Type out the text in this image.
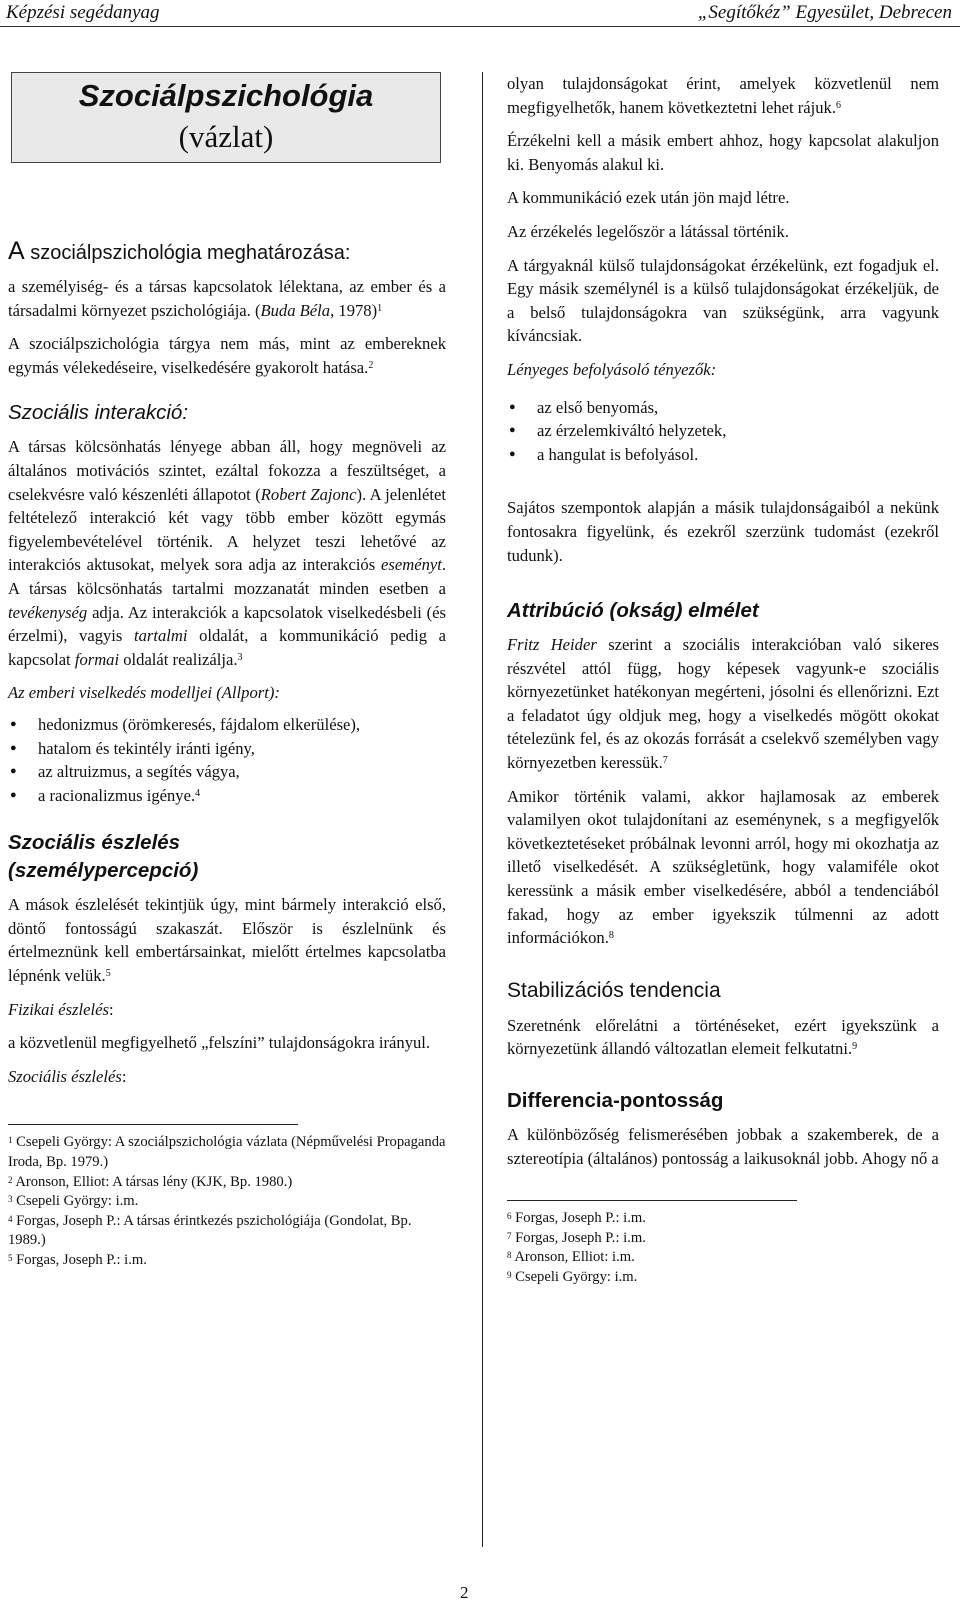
Képzési segédanyag	„Segítőkéz” Egyesület, Debrecen
Szociálpszichológia
(vázlat)
A szociálpszichológia meghatározása:

a személyiség- és a társas kapcsolatok lélektana, az ember és a társadalmi környezet pszichológiája. (Buda Béla, 1978)$^1$

A szociálpszichológia tárgya nem más, mint az embereknek egymás vélekedéseire, viselkedésére gyakorolt hatása.$^2$

Szociális interakció:

A társas kölcsönhatás lényege abban áll, hogy megnöveli az általános motivációs szintet, ezáltal fokozza a feszültséget, a cselekvésre való készenléti állapotot (Robert Zajonc). A jelenlétet feltételező interakció két vagy több ember között egymás figyelembevételével történik. A helyzet teszi lehetővé az interakciós aktusokat, melyek sora adja az interakciós eseményt. A társas kölcsönhatás tartalmi mozzanatát minden esetben a tevékenység adja. Az interakciók a kapcsolatok viselkedésbeli (és érzelmi), vagyis tartalmi oldalát, a kommunikáció pedig a kapcsolat formai oldalát realizálja.$^3$

Az emberi viselkedés modelljei (Allport):

● hedonizmus (örömkeresés, fájdalom elkerülése),
● hatalom és tekintély iránti igény,
● az altruizmus, a segítés vágya,
● a racionalizmus igénye.$^4$
Szociális észlelés
(személypercepció)

A mások észlelését tekintjük úgy, mint bármely interakció első, döntő fontosságú szakaszát. Először is észlelnünk és értelmeznünk kell embertársainkat, mielőtt értelmes kapcsolatba lépnénk velük.$^5$

Fizikai észlelés:

a közvetlenül megfigyelhető „felszíni” tulajdonságokra irányul.

Szociális észlelés:

$^1$ Csepeli György: A szociálpszichológia vázlata (Népművelési Propaganda Iroda, Bp. 1979.)
$^2$ Aronson, Elliot: A társas lény (KJK, Bp. 1980.)
$^3$ Csepeli György: i.m.
$^4$ Forgas, Joseph P.: A társas érintkezés pszichológiája (Gondolat, Bp. 1989.)
$^5$ Forgas, Joseph P.: i.m.

olyan tulajdonságokat érint, amelyek közvetlenül nem megfigyelhetők, hanem következtetni lehet rájuk.$^6$

Érzékelni kell a másik embert ahhoz, hogy kapcsolat alakuljon ki. Benyomás alakul ki.

A kommunikáció ezek után jön majd létre.

Az érzékelés legelőször a látással történik.

A tárgyaknál külső tulajdonságokat érzékelünk, ezt fogadjuk el. Egy másik személynél is a külső tulajdonságokat érzékeljük, de a belső tulajdonságokra van szükségünk, arra vagyunk kíváncsiak.

Lényeges befolyásoló tényezők:

● az első benyomás,
● az érzelemkiváltó helyzetek,
● a hangulat is befolyásol.

Sajátos szempontok alapján a másik tulajdonságaiból a nekünk fontosakra figyelünk, és ezekről szerzünk tudomást (ezekről tudunk).

Attribúció (okság) elmélet

Fritz Heider szerint a szociális interakcióban való sikeres részvétel attól függ, hogy képesek vagyunk-e szociális környezetünket hatékonyan megérteni, jósolni és ellenőrizni. Ezt a feladatot úgy oldjuk meg, hogy a viselkedés mögött okokat tételezünk fel, és az okozás forrását a cselekvő személyben vagy környezetben keressük.$^7$

Amikor történik valami, akkor hajlamosak az emberek valamilyen okot tulajdonítani az eseménynek, s a megfigyelők következtetéseket próbálnak levonni arról, hogy mi okozhatja az illető viselkedését. A szükségletünk, hogy valamiféle okot keressünk a másik ember viselkedésére, abból a tendenciából fakad, hogy az ember igyekszik túlmenni az adott információkon.$^8$

Stabilizációs tendencia

Szeretnénk előrelátni a történéseket, ezért igyekszünk a környezetünk állandó változatlan elemeit felkutatni.$^9$

Differencia-pontosság

A különbözőség felismerésében jobbak a szakemberek, de a sztereotípia (általános) pontosság a laikusoknál jobb. Ahogy nő a

$^6$ Forgas, Joseph P.: i.m.
$^7$ Forgas, Joseph P.: i.m.
$^8$ Aronson, Elliot: i.m.
$^9$ Csepeli György: i.m.
2
